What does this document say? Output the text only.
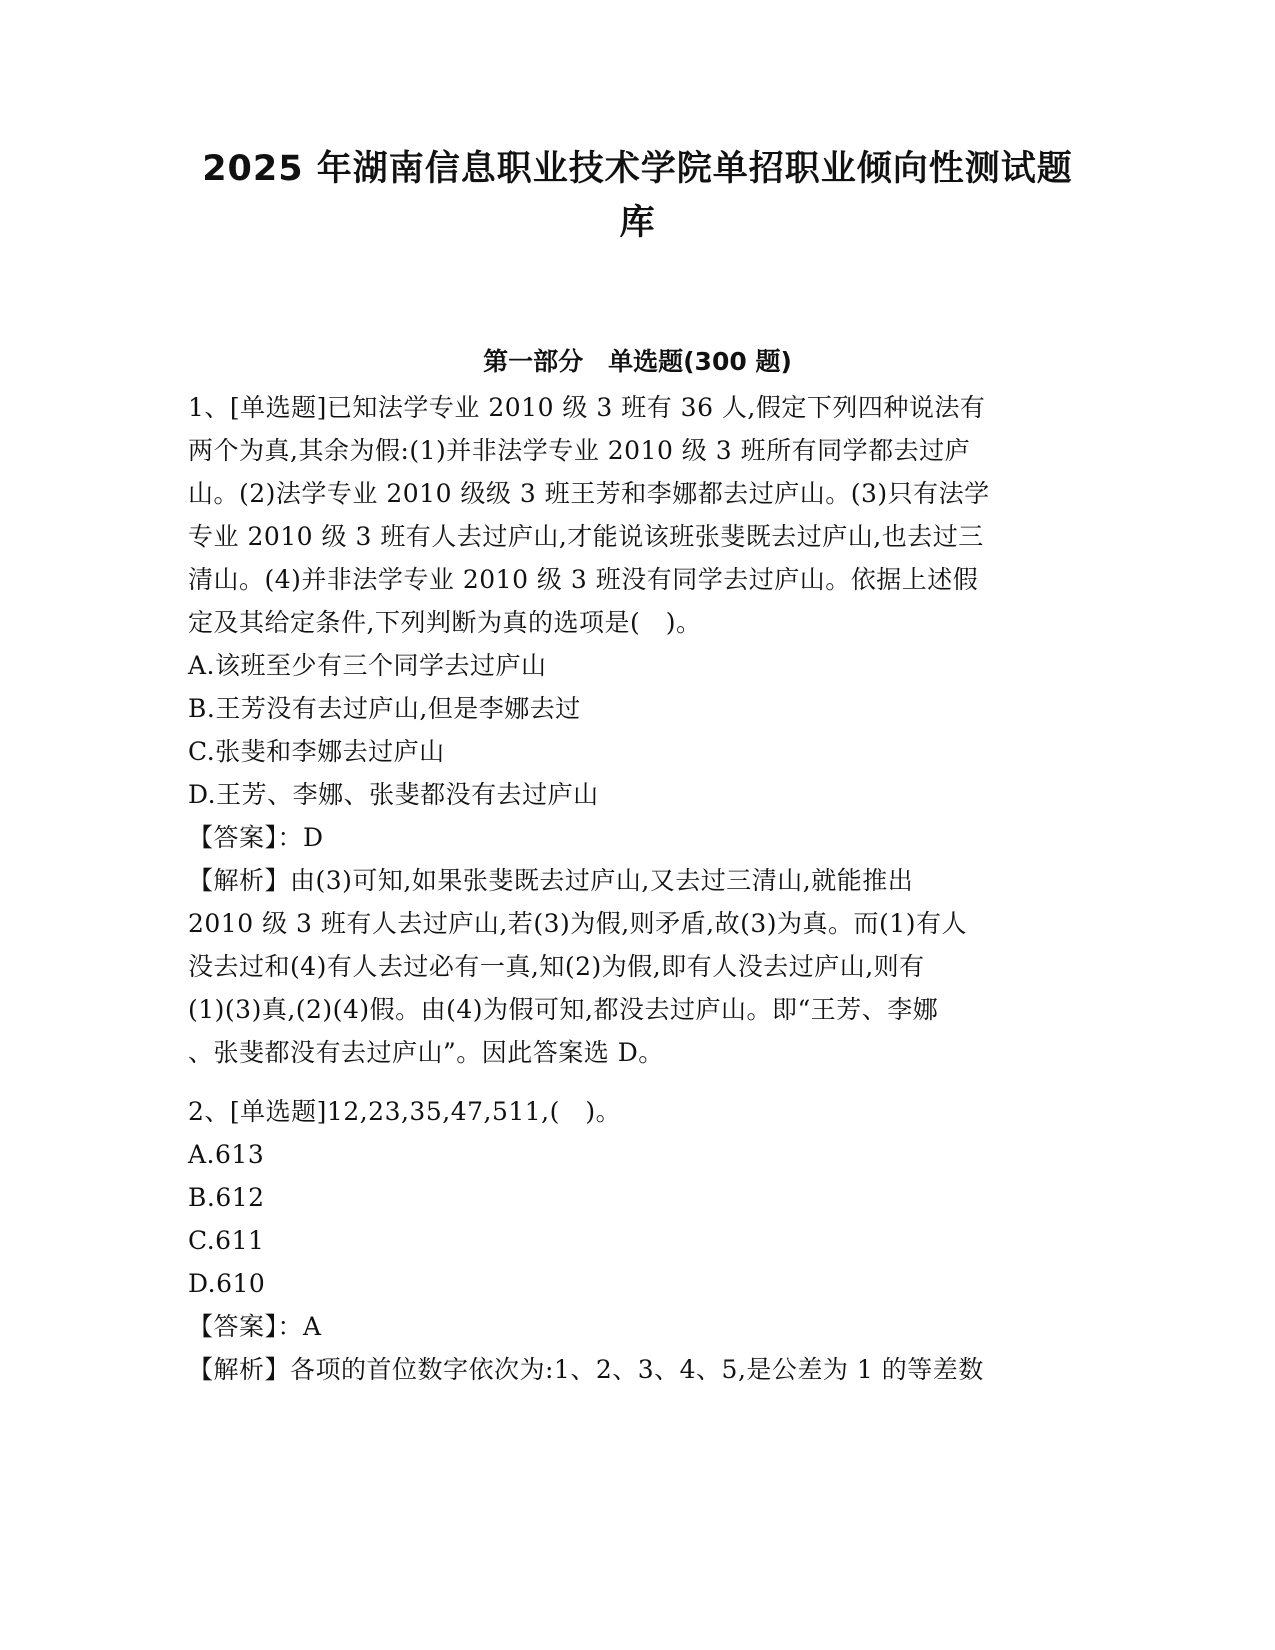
2025 年湖南信息职业技术学院单招职业倾向性测试题
库
第一部分　单选题(300 题)
1、[单选题]已知法学专业 2010 级 3 班有 36 人,假定下列四种说法有
两个为真,其余为假:(1)并非法学专业 2010 级 3 班所有同学都去过庐
山。(2)法学专业 2010 级级 3 班王芳和李娜都去过庐山。(3)只有法学
专业 2010 级 3 班有人去过庐山,才能说该班张斐既去过庐山,也去过三
清山。(4)并非法学专业 2010 级 3 班没有同学去过庐山。依据上述假
定及其给定条件,下列判断为真的选项是(　)。
A.该班至少有三个同学去过庐山
B.王芳没有去过庐山,但是李娜去过
C.张斐和李娜去过庐山
D.王芳、李娜、张斐都没有去过庐山
【答案】：D
【解析】由(3)可知,如果张斐既去过庐山,又去过三清山,就能推出
2010 级 3 班有人去过庐山,若(3)为假,则矛盾,故(3)为真。而(1)有人
没去过和(4)有人去过必有一真,知(2)为假,即有人没去过庐山,则有
(1)(3)真,(2)(4)假。由(4)为假可知,都没去过庐山。即“王芳、李娜
、张斐都没有去过庐山”。因此答案选 D。
2、[单选题]12,23,35,47,511,(　)。
A.613
B.612
C.611
D.610
【答案】：A
【解析】各项的首位数字依次为:1、2、3、4、5,是公差为 1 的等差数
